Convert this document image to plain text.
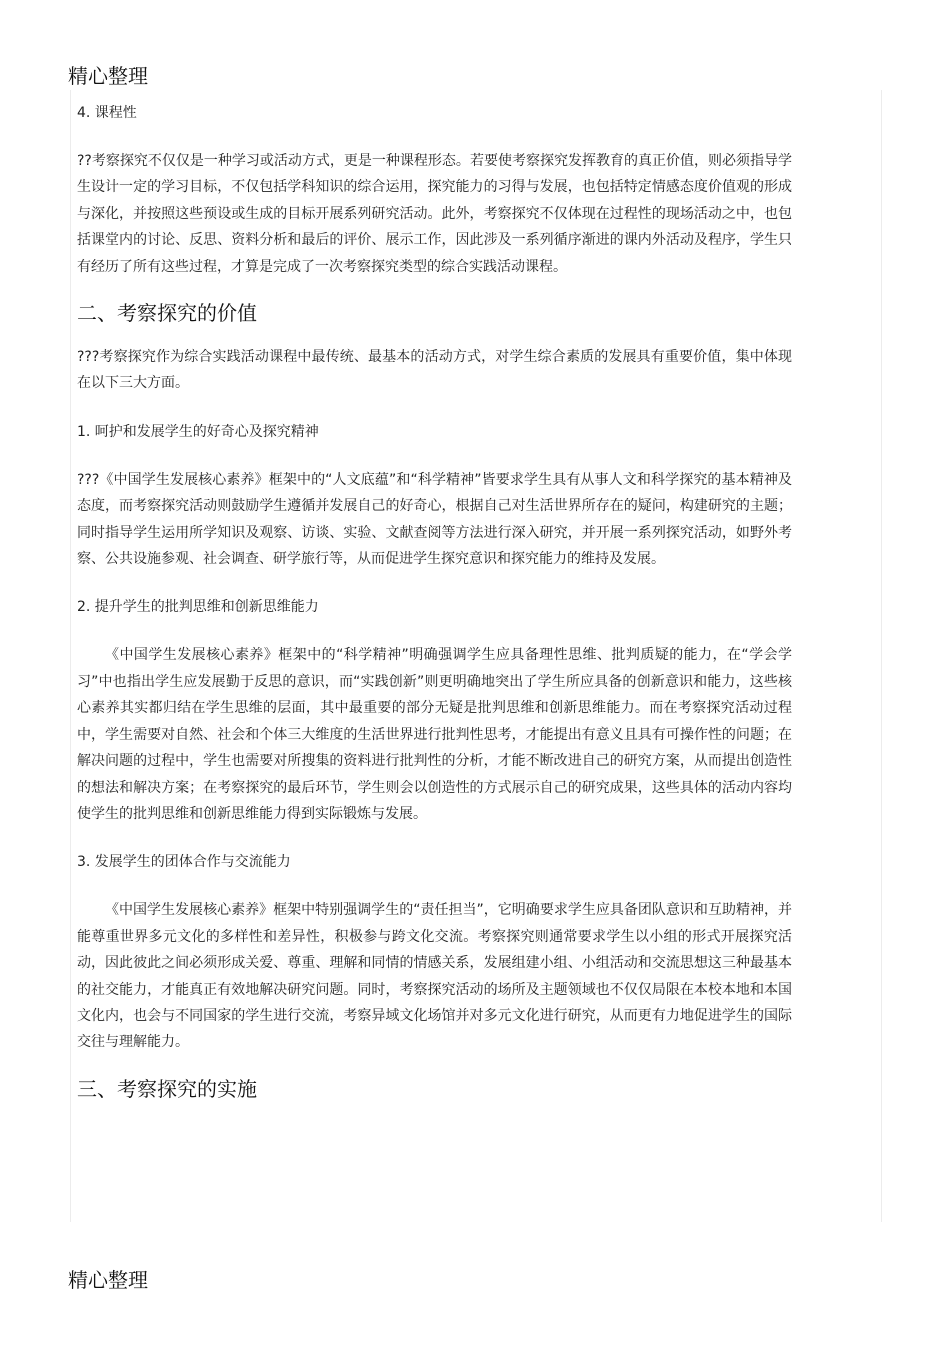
精心整理
4. 课程性

??考察探究不仅仅是一种学习或活动方式，更是一种课程形态。若要使考察探究发挥教育的真正价值，则必须指导学生设计一定的学习目标，不仅包括学科知识的综合运用，探究能力的习得与发展，也包括特定情感态度价值观的形成与深化，并按照这些预设或生成的目标开展系列研究活动。此外，考察探究不仅体现在过程性的现场活动之中，也包括课堂内的讨论、反思、资料分析和最后的评价、展示工作，因此涉及一系列循序渐进的课内外活动及程序，学生只有经历了所有这些过程，才算是完成了一次考察探究类型的综合实践活动课程。

二、考察探究的价值

???考察探究作为综合实践活动课程中最传统、最基本的活动方式，对学生综合素质的发展具有重要价值，集中体现在以下三大方面。

1. 呵护和发展学生的好奇心及探究精神

???《中国学生发展核心素养》框架中的“人文底蕴”和“科学精神”皆要求学生具有从事人文和科学探究的基本精神及态度，而考察探究活动则鼓励学生遵循并发展自己的好奇心，根据自己对生活世界所存在的疑问，构建研究的主题；同时指导学生运用所学知识及观察、访谈、实验、文献查阅等方法进行深入研究，并开展一系列探究活动，如野外考察、公共设施参观、社会调查、研学旅行等，从而促进学生探究意识和探究能力的维持及发展。

2. 提升学生的批判思维和创新思维能力

《中国学生发展核心素养》框架中的“科学精神”明确强调学生应具备理性思维、批判质疑的能力，在“学会学习”中也指出学生应发展勤于反思的意识，而“实践创新”则更明确地突出了学生所应具备的创新意识和能力，这些核心素养其实都归结在学生思维的层面，其中最重要的部分无疑是批判思维和创新思维能力。而在考察探究活动过程中，学生需要对自然、社会和个体三大维度的生活世界进行批判性思考，才能提出有意义且具有可操作性的问题；在解决问题的过程中，学生也需要对所搜集的资料进行批判性的分析，才能不断改进自己的研究方案，从而提出创造性的想法和解决方案；在考察探究的最后环节，学生则会以创造性的方式展示自己的研究成果，这些具体的活动内容均使学生的批判思维和创新思维能力得到实际锻炼与发展。

3. 发展学生的团体合作与交流能力

《中国学生发展核心素养》框架中特别强调学生的“责任担当”，它明确要求学生应具备团队意识和互助精神，并能尊重世界多元文化的多样性和差异性，积极参与跨文化交流。考察探究则通常要求学生以小组的形式开展探究活动，因此彼此之间必须形成关爱、尊重、理解和同情的情感关系，发展组建小组、小组活动和交流思想这三种最基本的社交能力，才能真正有效地解决研究问题。同时，考察探究活动的场所及主题领域也不仅仅局限在本校本地和本国文化内，也会与不同国家的学生进行交流，考察异域文化场馆并对多元文化进行研究，从而更有力地促进学生的国际交往与理解能力。

三、考察探究的实施
精心整理
